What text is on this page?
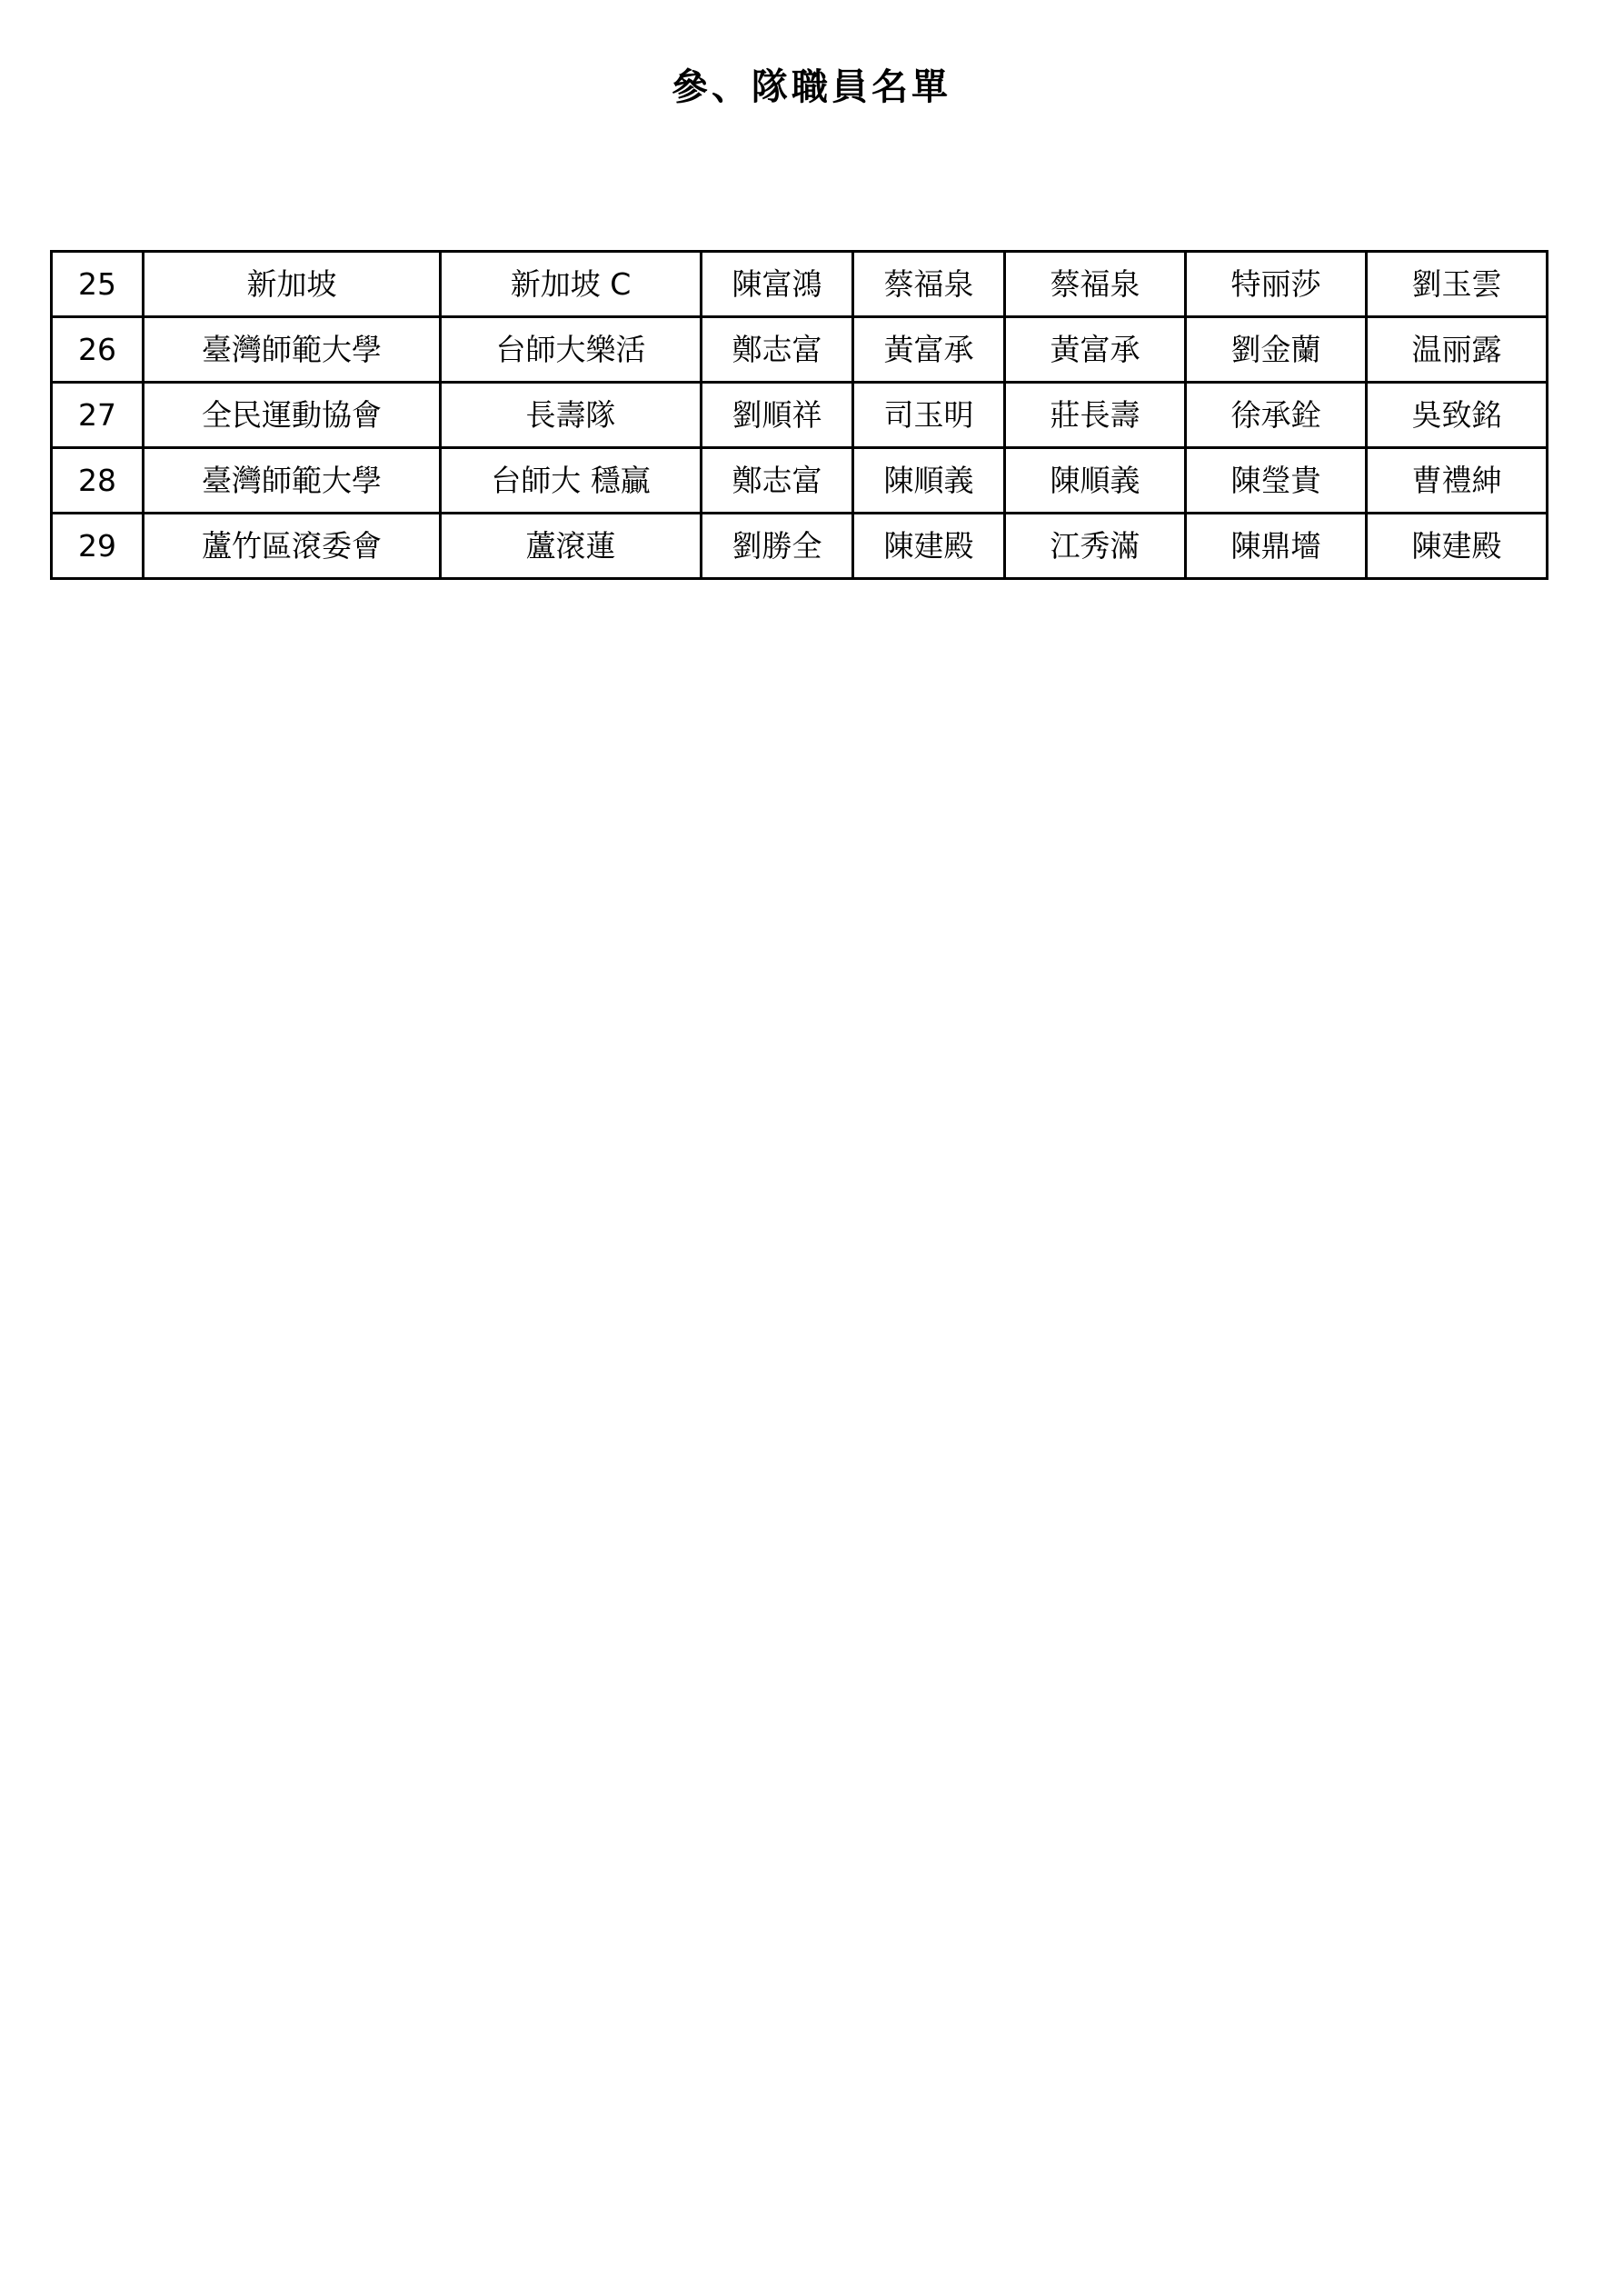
參、隊職員名單
25	新加坡	新加坡 C	陳富鴻	蔡福泉	蔡福泉	特丽莎	劉玉雲
26	臺灣師範大學	台師大樂活	鄭志富	黃富承	黃富承	劉金蘭	温丽露
27	全民運動協會	長壽隊	劉順祥	司玉明	莊長壽	徐承銓	吳致銘
28	臺灣師範大學	台師大 穩贏	鄭志富	陳順義	陳順義	陳瑩貴	曹禮紳
29	蘆竹區滾委會	蘆滾蓮	劉勝全	陳建殿	江秀滿	陳鼎墻	陳建殿
